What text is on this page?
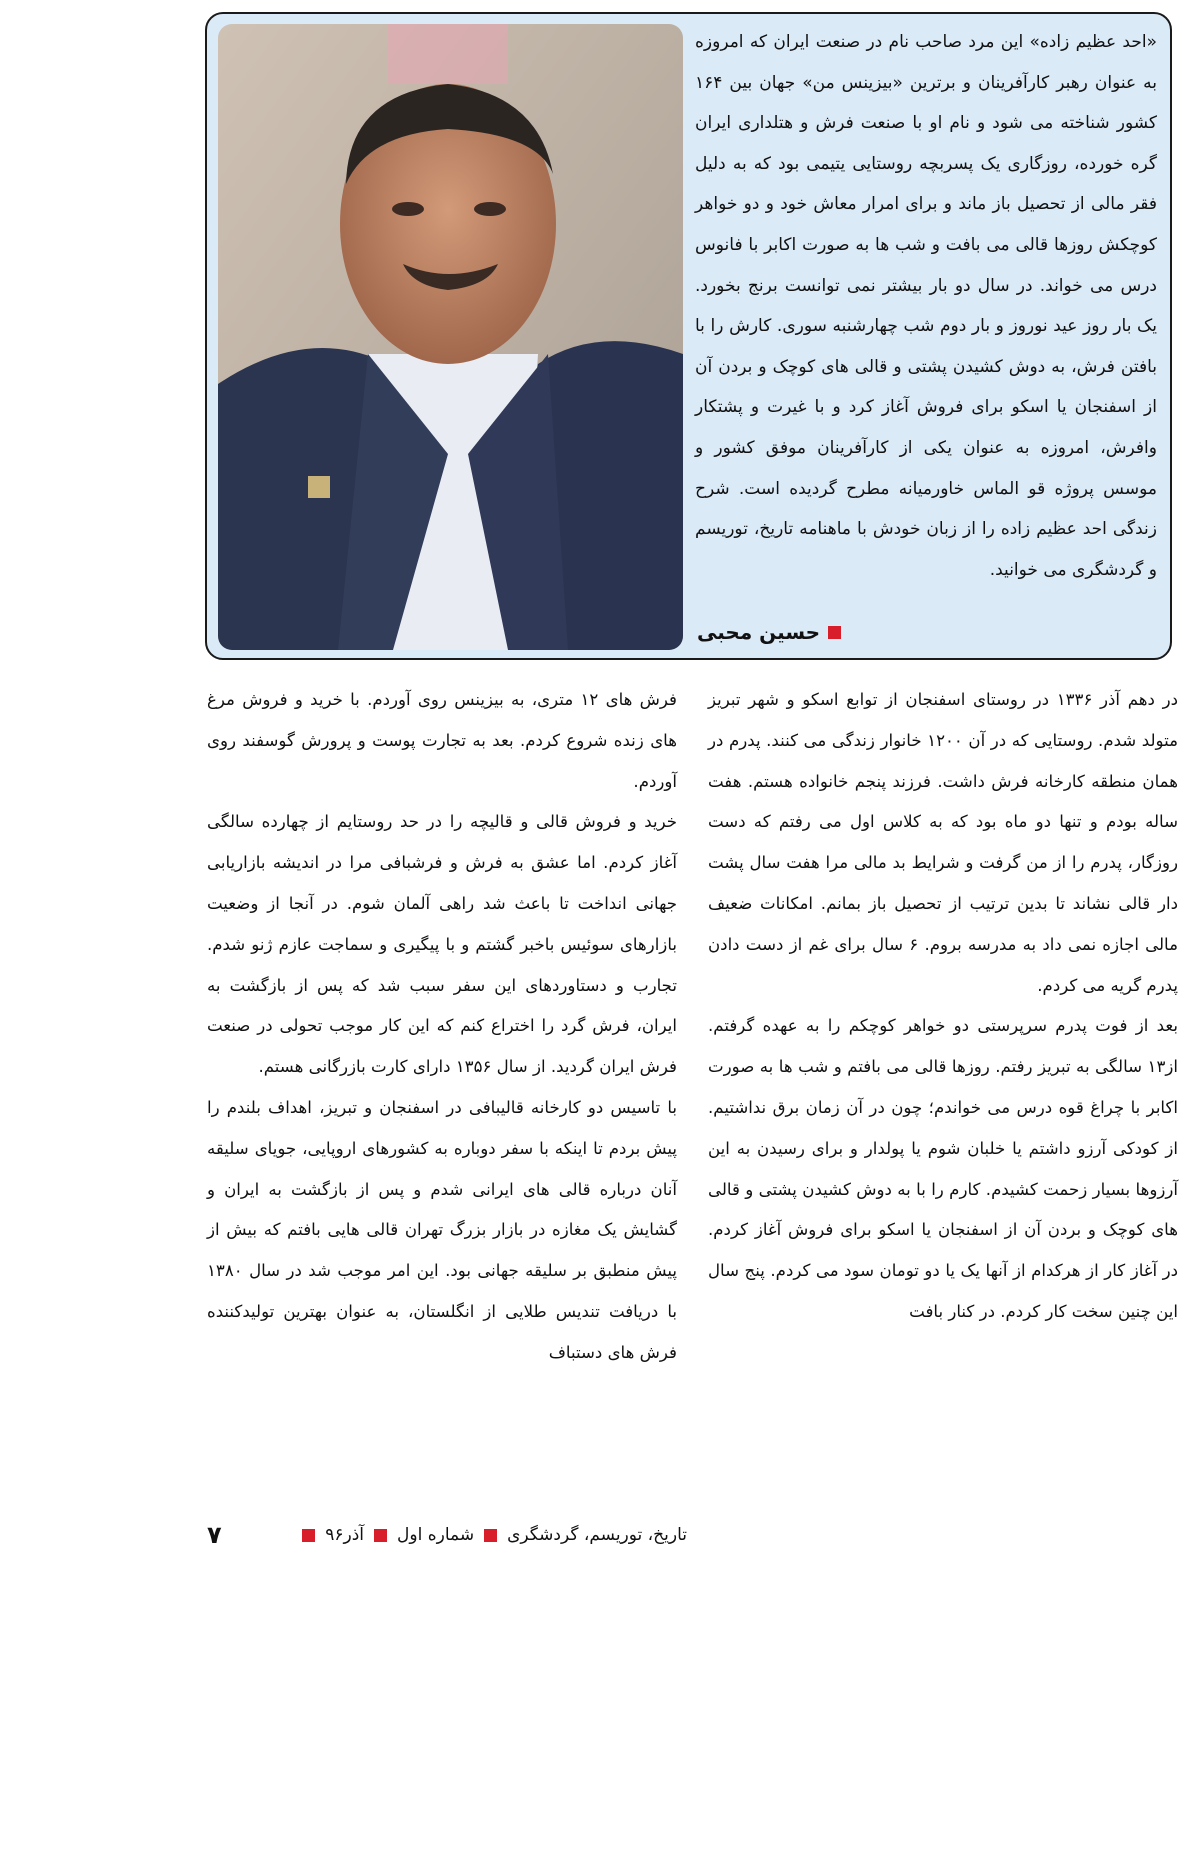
«احد عظیم زاده» این مرد صاحب نام در صنعت ایران که امروزه به عنوان رهبر کارآفرینان و برترین «بیزینس من» جهان بین ۱۶۴ کشور شناخته می شود و نام او با صنعت فرش و هتلداری ایران گره خورده، روزگاری یک پسربچه روستایی یتیمی بود که به دلیل فقر مالی از تحصیل باز ماند و برای امرار معاش خود و دو خواهر کوچکش روزها قالی می بافت و شب ها به صورت اکابر با فانوس درس می خواند. در سال دو بار بیشتر نمی توانست برنج بخورد. یک بار روز عید نوروز و بار دوم شب چهارشنبه سوری. کارش را با بافتن فرش، به دوش کشیدن پشتی و قالی های کوچک و بردن آن از اسفنجان یا اسکو برای فروش آغاز کرد و با غیرت و پشتکار وافرش، امروزه به عنوان یکی از کارآفرینان موفق کشور و موسس پروژه قو الماس خاورمیانه مطرح گردیده است. شرح زندگی احد عظیم زاده را از زبان خودش با ماهنامه تاریخ، توریسم و گردشگری می خوانید.

حسین محبی

در دهم آذر ۱۳۳۶ در روستای اسفنجان از توابع اسکو و شهر تبریز متولد شدم. روستایی که در آن ۱۲۰۰ خانوار زندگی می کنند. پدرم در همان منطقه کارخانه فرش داشت. فرزند پنجم خانواده هستم. هفت ساله بودم و تنها دو ماه بود که به کلاس اول می رفتم که دست روزگار، پدرم را از من گرفت و شرایط بد مالی مرا هفت سال پشت دار قالی نشاند تا بدین ترتیب از تحصیل باز بمانم. امکانات ضعیف مالی اجازه نمی داد به مدرسه بروم. ۶ سال برای غم از دست دادن پدرم گریه می کردم.

بعد از فوت پدرم سرپرستی دو خواهر کوچکم را به عهده گرفتم. از۱۳ سالگی به تبریز رفتم. روزها قالی می بافتم و شب ها به صورت اکابر با چراغ قوه درس می خواندم؛ چون در آن زمان برق نداشتیم. از کودکی آرزو داشتم یا خلبان شوم یا پولدار و برای رسیدن به این آرزوها بسیار زحمت کشیدم. کارم را با به دوش کشیدن پشتی و قالی های کوچک و بردن آن از اسفنجان یا اسکو برای فروش آغاز کردم. در آغاز کار از هرکدام از آنها یک یا دو تومان سود می کردم. پنج سال این چنین سخت کار کردم. در کنار بافت

فرش های ۱۲ متری، به بیزینس روی آوردم. با خرید و فروش مرغ های زنده شروع کردم. بعد به تجارت پوست و پرورش گوسفند روی آوردم.

خرید و فروش قالی و قالیچه را در حد روستایم از چهارده سالگی آغاز کردم. اما عشق به فرش و فرشبافی مرا در اندیشه بازاریابی جهانی انداخت تا باعث شد راهی آلمان شوم. در آنجا از وضعیت بازارهای سوئیس باخبر گشتم و با پیگیری و سماجت عازم ژنو شدم. تجارب و دستاوردهای این سفر سبب شد که پس از بازگشت به ایران، فرش گرد را اختراع کنم که این کار موجب تحولی در صنعت فرش ایران گردید. از سال ۱۳۵۶ دارای کارت بازرگانی هستم.

با تاسیس دو کارخانه قالیبافی در اسفنجان و تبریز، اهداف بلندم را پیش بردم تا اینکه با سفر دوباره به کشورهای اروپایی، جویای سلیقه آنان درباره قالی های ایرانی شدم و پس از بازگشت به ایران و گشایش یک مغازه در بازار بزرگ تهران قالی هایی بافتم که بیش از پیش منطبق بر سلیقه جهانی بود. این امر موجب شد در سال ۱۳۸۰ با دریافت تندیس طلایی از انگلستان، به عنوان بهترین تولیدکننده فرش های دستباف

تاریخ، توریسم، گردشگری
شماره اول
آذر۹۶
۷
